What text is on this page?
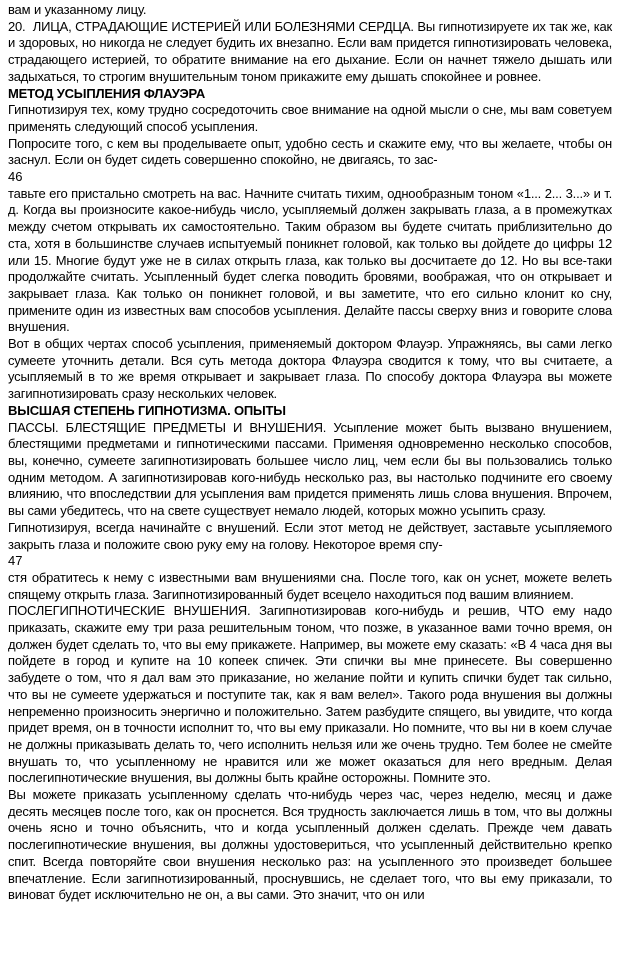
вам и указанному лицу.

20.  ЛИЦА, СТРАДАЮЩИЕ ИСТЕРИЕЙ ИЛИ БОЛЕЗНЯМИ СЕРДЦА. Вы гипнотизируете их так же, как и здоровых, но никогда не следует будить их внезапно. Если вам придется гипнотизировать человека, страдающего истерией, то обратите внимание на его дыхание. Если он начнет тяжело дышать или задыхаться, то строгим внушительным тоном прикажите ему дышать спокойнее и ровнее.

МЕТОД УСЫПЛЕНИЯ ФЛАУЭРА

Гипнотизируя тех, кому трудно сосредоточить свое внимание на одной мысли о сне, мы вам советуем применять следующий способ усыпления.

Попросите того, с кем вы проделываете опыт, удобно сесть и скажите ему, что вы желаете, чтобы он заснул. Если он будет сидеть совершенно спокойно, не двигаясь, то зас-

46

тавьте его пристально смотреть на вас. Начните считать тихим, однообразным тоном «1... 2... 3...» и т. д. Когда вы произносите какое-нибудь число, усыпляемый должен закрывать глаза, а в промежутках между счетом открывать их самостоятельно. Таким образом вы будете считать приблизительно до ста, хотя в большинстве случаев испытуемый поникнет головой, как только вы дойдете до цифры 12 или 15. Многие будут уже не в силах открыть глаза, как только вы досчитаете до 12. Но вы все-таки продолжайте считать. Усыпленный будет слегка поводить бровями, воображая, что он открывает и закрывает глаза. Как только он поникнет головой, и вы заметите, что его сильно клонит ко сну, примените один из известных вам способов усыпления. Делайте пассы сверху вниз и говорите слова внушения.

Вот в общих чертах способ усыпления, применяемый доктором Флауэр. Упражняясь, вы сами легко сумеете уточнить детали. Вся суть метода доктора Флауэра сводится к тому, что вы считаете, а усыпляемый в то же время открывает и закрывает глаза. По способу доктора Флауэра вы можете загипнотизировать сразу нескольких человек.

ВЫСШАЯ СТЕПЕНЬ ГИПНОТИЗМА. ОПЫТЫ

ПАССЫ. БЛЕСТЯЩИЕ ПРЕДМЕТЫ И ВНУШЕНИЯ. Усыпление может быть вызвано внушением, блестящими предметами и гипнотическими пассами. Применяя одновременно несколько способов, вы, конечно, сумеете загипнотизировать большее число лиц, чем если бы вы пользовались только одним методом. А загипнотизировав кого-нибудь несколько раз, вы настолько подчините его своему влиянию, что впоследствии для усыпления вам придется применять лишь слова внушения. Впрочем, вы сами убедитесь, что на свете существует немало людей, которых можно усыпить сразу.

Гипнотизируя, всегда начинайте с внушений. Если этот метод не действует, заставьте усыпляемого закрыть глаза и положите свою руку ему на голову. Некоторое время спу-

47

стя обратитесь к нему с известными вам внушениями сна. После того, как он уснет, можете велеть спящему открыть глаза. Загипнотизированный будет всецело находиться под вашим влиянием.

ПОСЛЕГИПНОТИЧЕСКИЕ ВНУШЕНИЯ. Загипнотизировав кого-нибудь и решив, ЧТО ему надо приказать, скажите ему три раза решительным тоном, что позже, в указанное вами точно время, он должен будет сделать то, что вы ему прикажете. Например, вы можете ему сказать: «В 4 часа дня вы пойдете в город и купите на 10 копеек спичек. Эти спички вы мне принесете. Вы совершенно забудете о том, что я дал вам это приказание, но желание пойти и купить спички будет так сильно, что вы не сумеете удержаться и поступите так, как я вам велел». Такого рода внушения вы должны непременно произносить энергично и положительно. Затем разбудите спящего, вы увидите, что когда придет время, он в точности исполнит то, что вы ему приказали. Но помните, что вы ни в коем случае не должны приказывать делать то, чего исполнить нельзя или же очень трудно. Тем более не смейте внушать то, что усыпленному не нравится или же может оказаться для него вредным. Делая послегипнотические внушения, вы должны быть крайне осторожны. Помните это.

Вы можете приказать усыпленному сделать что-нибудь через час, через неделю, месяц и даже десять месяцев после того, как он проснется. Вся трудность заключается лишь в том, что вы должны очень ясно и точно объяснить, что и когда усыпленный должен сделать. Прежде чем давать послегипнотические внушения, вы должны удостовериться, что усыпленный действительно крепко спит. Всегда повторяйте свои внушения несколько раз: на усыпленного это произведет большее впечатление. Если загипнотизированный, проснувшись, не сделает того, что вы ему приказали, то виноват будет исключительно не он, а вы сами. Это значит, что он или
